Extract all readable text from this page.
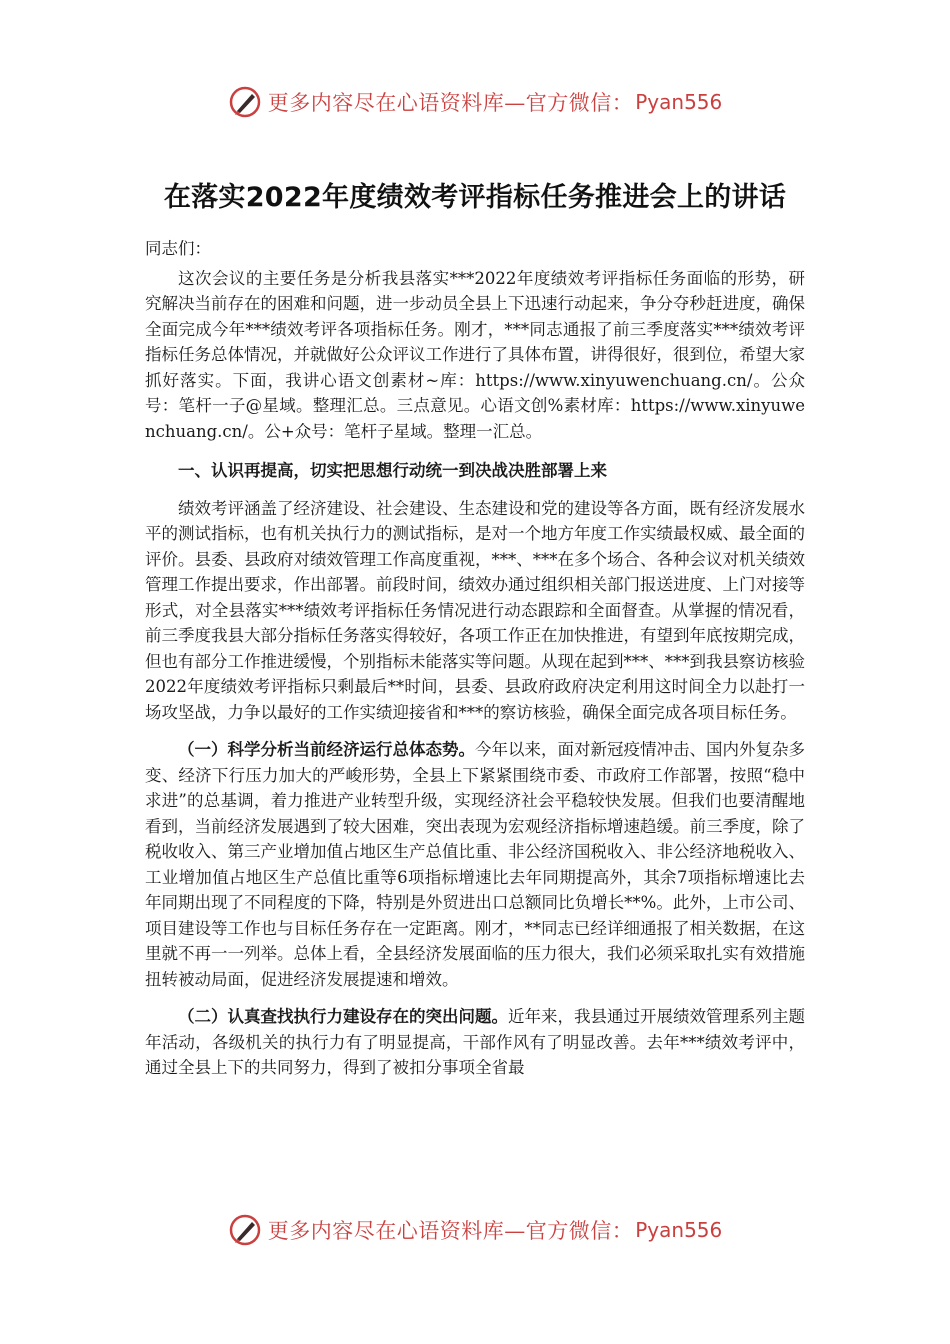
更多内容尽在心语资料库—官方微信： Pyan556
在落实2022年度绩效考评指标任务推进会上的讲话

同志们：

这次会议的主要任务是分析我县落实***2022年度绩效考评指标任务面临的形势，研究解决当前存在的困难和问题，进一步动员全县上下迅速行动起来，争分夺秒赶进度，确保全面完成今年***绩效考评各项指标任务。刚才，***同志通报了前三季度落实***绩效考评指标任务总体情况，并就做好公众评议工作进行了具体布置，讲得很好，很到位，希望大家抓好落实。下面，我讲心语文创素材~库：https://www.xinyuwenchuang.cn/。公众号：笔杆一子@星域。整理汇总。三点意见。心语文创%素材库：https://www.xinyuwenchuang.cn/。公+众号：笔杆子星域。整理一汇总。

一、认识再提高，切实把思想行动统一到决战决胜部署上来

绩效考评涵盖了经济建设、社会建设、生态建设和党的建设等各方面，既有经济发展水平的测试指标，也有机关执行力的测试指标，是对一个地方年度工作实绩最权威、最全面的评价。县委、县政府对绩效管理工作高度重视，***、***在多个场合、各种会议对机关绩效管理工作提出要求，作出部署。前段时间，绩效办通过组织相关部门报送进度、上门对接等形式，对全县落实***绩效考评指标任务情况进行动态跟踪和全面督查。从掌握的情况看，前三季度我县大部分指标任务落实得较好，各项工作正在加快推进，有望到年底按期完成，但也有部分工作推进缓慢，个别指标未能落实等问题。从现在起到***、***到我县察访核验2022年度绩效考评指标只剩最后**时间，县委、县政府政府决定利用这时间全力以赴打一场攻坚战，力争以最好的工作实绩迎接省和***的察访核验，确保全面完成各项目标任务。

（一）科学分析当前经济运行总体态势。今年以来，面对新冠疫情冲击、国内外复杂多变、经济下行压力加大的严峻形势，全县上下紧紧围绕市委、市政府工作部署，按照“稳中求进”的总基调，着力推进产业转型升级，实现经济社会平稳较快发展。但我们也要清醒地看到，当前经济发展遇到了较大困难，突出表现为宏观经济指标增速趋缓。前三季度，除了税收收入、第三产业增加值占地区生产总值比重、非公经济国税收入、非公经济地税收入、工业增加值占地区生产总值比重等6项指标增速比去年同期提高外，其余7项指标增速比去年同期出现了不同程度的下降，特别是外贸进出口总额同比负增长**%。此外，上市公司、项目建设等工作也与目标任务存在一定距离。刚才，**同志已经详细通报了相关数据，在这里就不再一一列举。总体上看，全县经济发展面临的压力很大，我们必须采取扎实有效措施扭转被动局面，促进经济发展提速和增效。

（二）认真查找执行力建设存在的突出问题。近年来，我县通过开展绩效管理系列主题年活动，各级机关的执行力有了明显提高，干部作风有了明显改善。去年***绩效考评中，通过全县上下的共同努力，得到了被扣分事项全省最

更多内容尽在心语资料库—官方微信： Pyan556
